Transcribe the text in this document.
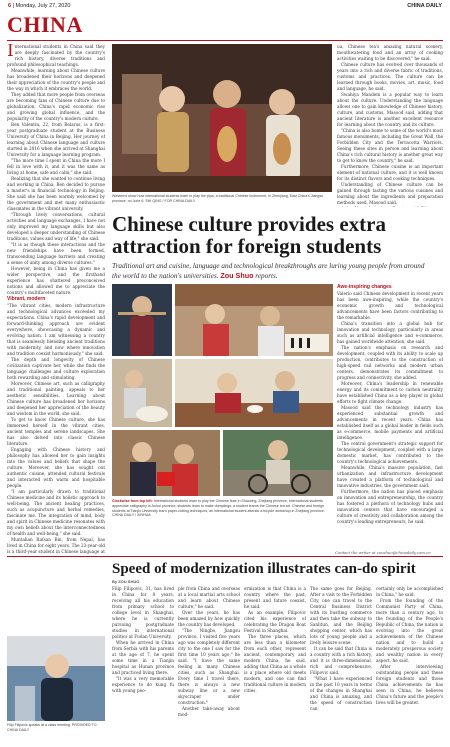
6 | Monday, July 27, 2020	CHINA DAILY
CHINA

International students in China said they are deeply fascinated by the country's rich history, diverse traditions and profound philosophical teachings.

Meanwhile, learning about Chinese culture has broadened their horizons and deepened their appreciation of the country's people and the way in which it embraces the world.

They added that more people from overseas are becoming fans of Chinese culture due to globalization, China's rapid economic rise and growing global influence, and the popularity of the country's modern culture.

Ben Valentin, 22, from Belarus, is a first-year postgraduate student at the Business University of China in Beijing. Her journey of learning about Chinese language and culture started in 2016 when she arrived at Shanghai University for a language learning program.

"The more time I spent in China the more I fell in love with it, and it was the same as living at home, safe and calm," she said.

Realizing that she wanted to continue living and working in China, Ben decided to pursue a master's in financial technology in Beijing. She said she has been warmly welcomed by the government and met many enthusiastic classmates in the vibrant university.

"Through lively conversations, cultural activities and language exchanges, I have not only improved my language skills but also developed a deeper understanding of Chinese traditions, values and way of life," she said.

"It is as though these interactions and the new friendships have been formed, transcending language barriers and creating a sense of unity among diverse cultures."

However, being in China has given me a wider perspective, and the firsthand experience has shattered preconceived notions and allowed me to appreciate the country's multifaceted nature.

Vibrant, modern

"The vibrant cities, modern infrastructure and technological advances exceeded my expectations. China's rapid development and forward-thinking approach are evident everywhere, showcasing a dynamic and evolving nation. I am witnessing a country that is seamlessly blending ancient traditions with modernity, and now where innovation and tradition coexist harmoniously," she said.

The depth and longevity of Chinese civilization captivate her, while she finds the language challenges and culture exploration both rewarding and stimulating.

Moreover, Chinese art, such as calligraphy and traditional painting, appeals to her aesthetic sensibilities. Learning about Chinese culture has broadened her horizons and deepened her appreciation of the beauty and wisdom in the world, she said.

To get to know Chinese culture, she has immersed herself in the vibrant cities, ancient temples and serene landscapes. She has also delved into classic Chinese literature.

Engaging with Chinese history and philosophy has allowed her to gain insights into the values and beliefs that shape the culture. Moreover, she has sought out authentic cuisine, attended cultural festivals and interacted with warm and hospitable people.

"I am particularly drawn to traditional Chinese medicine and its holistic approach to well-being. The ancient healing practices, such as acupuncture and herbal remedies, fascinate me. The integration of mind, body and spirit in Chinese medicine resonates with my own beliefs about the interconnectedness of health and well-being," she said.

Muntahan Rafsan Bin, from Nepal, has lived in China for eight years. The 23-year-old is a third-year student in Chinese language at

Westerns show how international students learn to play the pipa, a traditional Chinese instrument, in Zhenjiang, East China's Jiangsu province, on June 6. SHI QING / FOR CHINA DAILY

ua, Chinese tea's amazing natural scenery, mouthwatering food and an array of cooking activities waiting to be discovered," he said.

Chinese culture has evolved over thousands of years into a rich and diverse fabric of traditions, customs and practices. The culture can be learned through books, movies, art, music, food and language, he said.

Swahiya Mandem is a popular way to learn about the culture. Understanding the language allows one to gain knowledge of Chinese history, culture, and customs, Masood said, adding that ancient literature is another excellent resource for learning about the country and its culture.

"China is also home to some of the world's most famous monuments, including the Great Wall, the Forbidden City and the Terracotta Warriors. Seeing these sites in person and learning about China's rich cultural history is another great way to get to know the country," he said.

Furthermore, Chinese cuisine is an important element of national culture, and it is well known for its distinct flavors and cooking techniques.

Understanding of Chinese culture can be gained through tasting the various cuisines and learning about the ingredients and preparation methods used, Masood said.

Chinese culture provides extra attraction for foreign students
Traditional art and cuisine, language and technological breakthroughs are luring young people from around the world to the nation's universities. Zou Shuo reports.
Clockwise from top left: International students learn to play the Chinese flute in Shaoxing, Zhejiang province; international students appreciate calligraphy in Anhui province; students learn to make dumplings; a student learns the Chinese tea art. Chinese and foreign students at Tianjin University learn paper-cutting techniques; an international student attends a bicycle workshop in Zhejiang province. CHINA DAILY / XINHUA
Awe-inspiring changes

Valerio said Chinese development in recent years has been awe-inspiring, while the country's economic growth and technological advancements have been factors contributing to the remarkable.

China's transition into a global hub for innovation and technology, particularly in areas such as artificial intelligence and e-commerce, has gained worldwide attention, she said.

The nation's emphasis on research and development, coupled with its ability to scale up production, contributes to the construction of high-speed rail networks and modern urban centers, demonstrates its commitment to progress and connectivity, she added.

Moreover, China's leadership in renewable energy and its commitment to carbon neutrality have established China as a key player in global efforts to fight climate change.

Masood said the technology industry has experienced substantial growth and advancements in recent years. China has established itself as a global leader in fields such as e-commerce, mobile payments and artificial intelligence.

The central government's strategic support for technological development, coupled with a large domestic market, has contributed to the country's technological achievements.

Meanwhile, China's massive population, fast urbanization and infrastructure development have created a platform of technological and innovative industries, the government said.

Furthermore, the nation has placed emphasis on innovation and entrepreneurship, the country has fostered a plethora of technology hubs and innovation centers that have encouraged a culture of creativity and collaboration among the country's leading entrepreneurs, he said.

Contact the writer at zoushuo@chinadaily.com.cn
Speed of modernization illustrates can-do spirit
By ZOU SHUO
Filip Filipovic speaks at a class meeting. PROVIDED TO CHINA DAILY

Filip Filipovic, 31, has lived in China for 8 years, receiving all his education from primary school to college level in Shanghai, where he is currently pursuing postgraduate studies in international politics at Fudan University.

When he arrived in China from Serbia with his parents at the age of 7, he spent some time in a Tianjin hospital as Hunan province and practiced living there.

"It was a very memorable experience to do kung fu with young peo-

ple from China and overseas at a local martial arts school and learn about Chinese culture," he said.

Over the years, he has been amazed by how quickly the country has developed.

"The Ningbo, Jiangsu province, I visited five years ago was completely different city to the one I saw for the first time 10 years ago," he said. "I have the same feeling in many Chinese cities, such as Shanghai. Every time I travel there, there is always a new subway line or a new skyscraper under construction."

Another take-away about mod-

ernization is that China is a country where the past, present and future coexist, he said.

As an example, Filipovic cited his experience of celebrating the Dragon Boat Festival in Shanghai.

The three places, which are less than a kilometer from each other, represent ancient, contemporary and modern China, he said, adding that China as a whole is a place where old meets modern, and one can find traditional culture in modern cities.

The same goes for Beijing. After a visit to the Forbidden City, one can travel to the Central Business District with its bustling commerce and then take the subway to Sanlitun, and the Beijing shopping center, which has lots of young people and a lively leisure scene.

It can be said that China is a country with a rich history, and it is three-dimensional, rich and comprehensive, Filipovic said.

"What I have experienced in the past 10 years in terms of the changes in Shanghai and China is amazing, and the speed of construction can

certainly only be accomplished in China," he said.

From the founding of the Communist Party of China, more than a century ago, to the founding of the People's Republic of China, the nation is evolving into the great achievements of the Chinese nation and to build a moderately prosperous society and wealthy nation in every aspect, he said.

After interviewing outstanding people and these foreign students and those China achievements he has seen in China, he believes China's future and the people's lives will be greater.
